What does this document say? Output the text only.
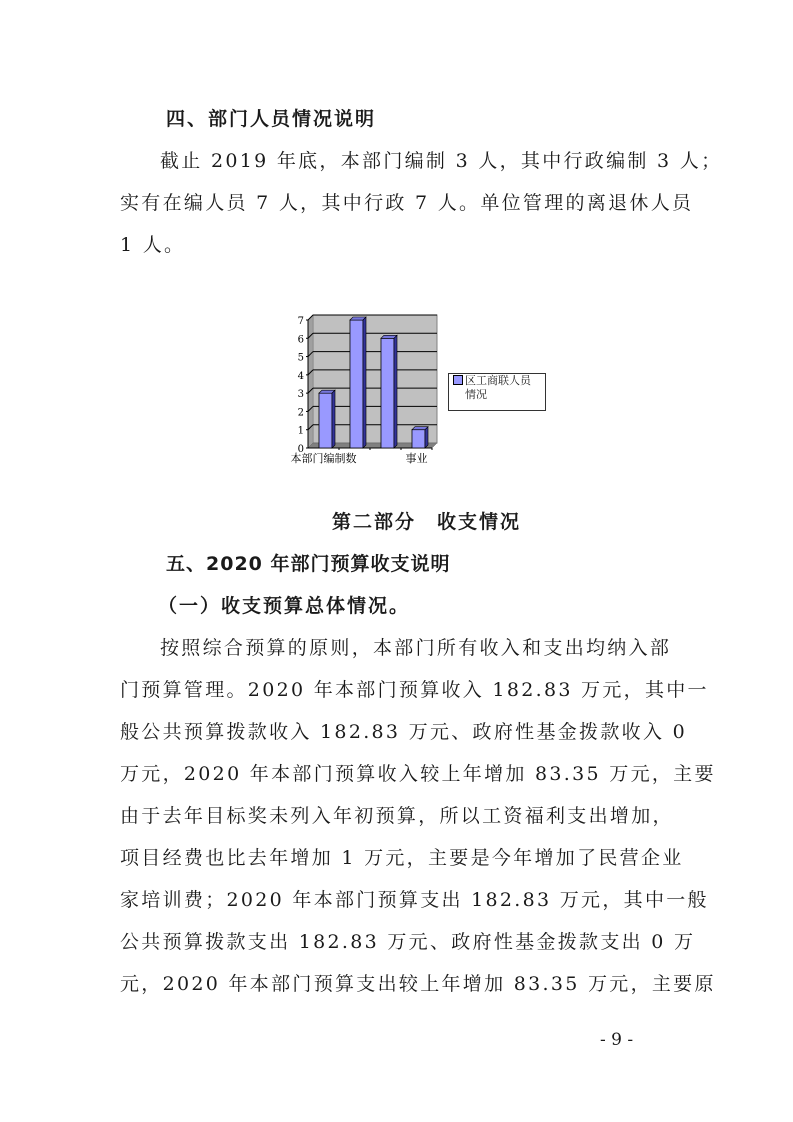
四、部门人员情况说明
截止 2019 年底，本部门编制 3 人，其中行政编制 3 人；
实有在编人员 7 人，其中行政 7 人。单位管理的离退休人员
1 人。
0
1
2
3
4
5
6
7
本部门编制数	事业
区工商联人员
情况
第二部分　收支情况
五、2020 年部门预算收支说明
（一）收支预算总体情况。
按照综合预算的原则，本部门所有收入和支出均纳入部
门预算管理。2020 年本部门预算收入 182.83 万元，其中一
般公共预算拨款收入 182.83 万元、政府性基金拨款收入 0
万元，2020 年本部门预算收入较上年增加 83.35 万元，主要
由于去年目标奖未列入年初预算，所以工资福利支出增加，
项目经费也比去年增加 1 万元，主要是今年增加了民营企业
家培训费；2020 年本部门预算支出 182.83 万元，其中一般
公共预算拨款支出 182.83 万元、政府性基金拨款支出 0 万
元，2020 年本部门预算支出较上年增加 83.35 万元，主要原
- 9 -
